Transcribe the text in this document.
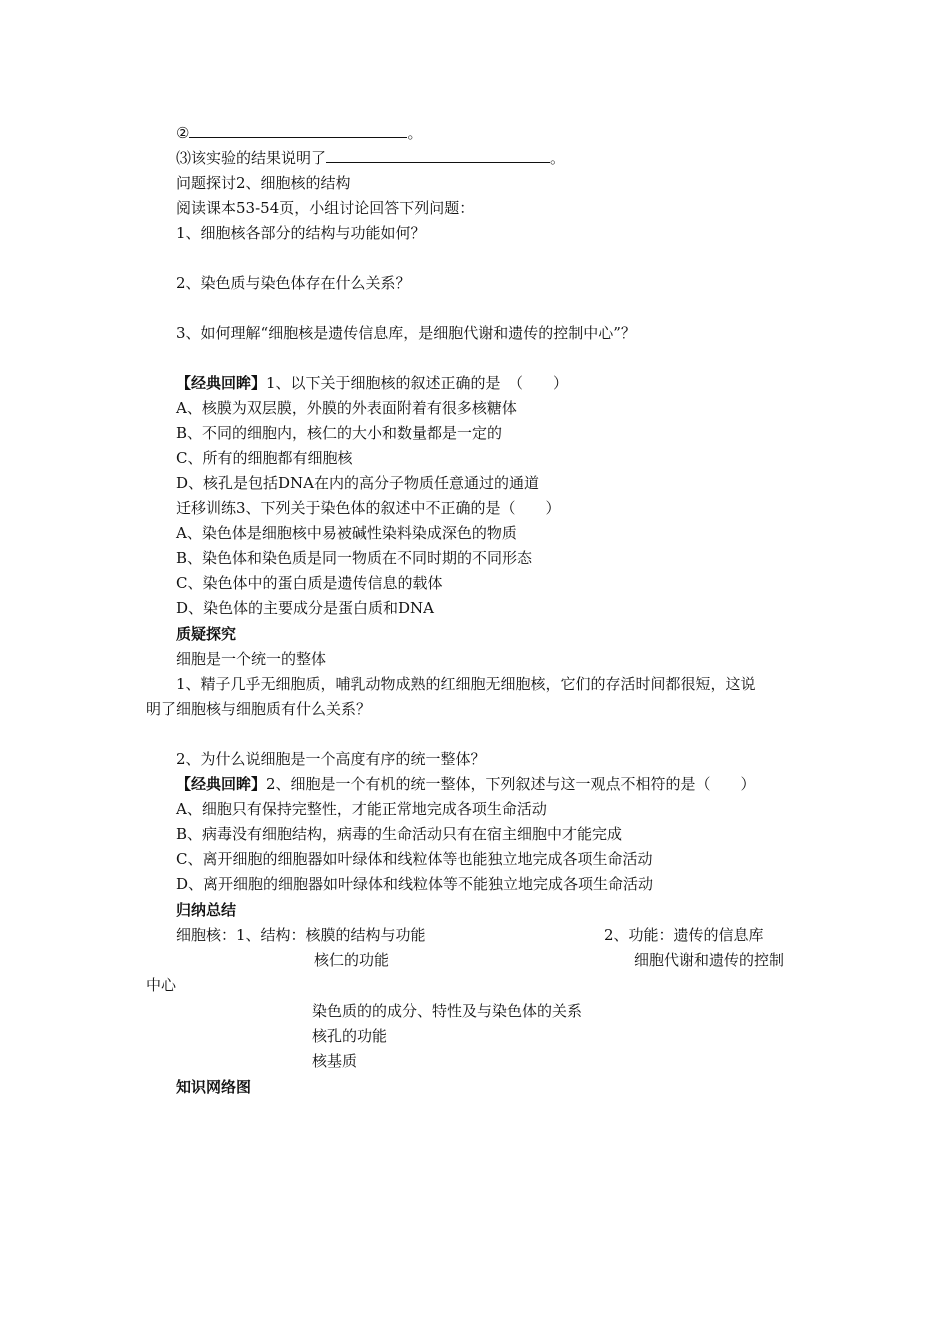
②	。
⑶该实验的结果说明了	。
问题探讨2、细胞核的结构
阅读课本53-54页，小组讨论回答下列问题：
1、细胞核各部分的结构与功能如何？
2、染色质与染色体存在什么关系？
3、如何理解“细胞核是遗传信息库，是细胞代谢和遗传的控制中心”？
【经典回眸】1、以下关于细胞核的叙述正确的是　（　　）
A、核膜为双层膜，外膜的外表面附着有很多核糖体
B、不同的细胞内，核仁的大小和数量都是一定的
C、所有的细胞都有细胞核
D、核孔是包括DNA在内的高分子物质任意通过的通道
迁移训练3、下列关于染色体的叙述中不正确的是（　　）
A、染色体是细胞核中易被碱性染料染成深色的物质
B、染色体和染色质是同一物质在不同时期的不同形态
C、染色体中的蛋白质是遗传信息的载体
D、染色体的主要成分是蛋白质和DNA
质疑探究
细胞是一个统一的整体
1、精子几乎无细胞质，哺乳动物成熟的红细胞无细胞核，它们的存活时间都很短，这说
明了细胞核与细胞质有什么关系？
2、为什么说细胞是一个高度有序的统一整体？
【经典回眸】2、细胞是一个有机的统一整体，下列叙述与这一观点不相符的是（　　）
A、细胞只有保持完整性，才能正常地完成各项生命活动
B、病毒没有细胞结构，病毒的生命活动只有在宿主细胞中才能完成
C、离开细胞的细胞器如叶绿体和线粒体等也能独立地完成各项生命活动
D、离开细胞的细胞器如叶绿体和线粒体等不能独立地完成各项生命活动
归纳总结
细胞核：1、结构：核膜的结构与功能	2、功能：遗传的信息库
核仁的功能	细胞代谢和遗传的控制
中心
染色质的的成分、特性及与染色体的关系
核孔的功能
核基质
知识网络图
